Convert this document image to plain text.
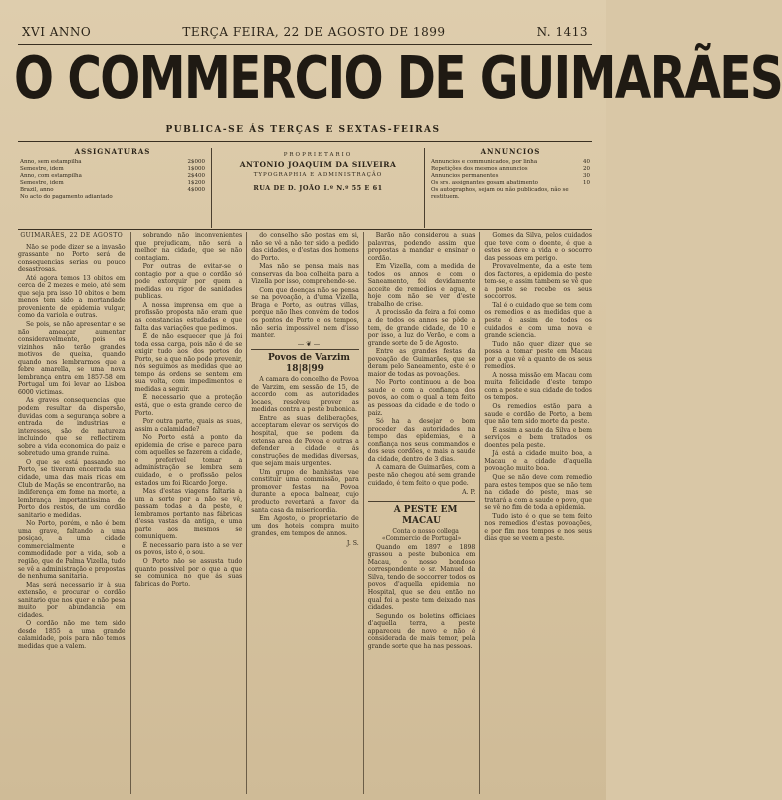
XVI ANNO	TERÇA FEIRA, 22 DE AGOSTO DE 1899	N. 1413
O COMMERCIO DE GUIMARÃES
PUBLICA-SE ÁS TERÇAS E SEXTAS-FEIRAS
ASSIGNATURAS
Anno, sem estampilha	2$000
Semestre, idem	1$000
Anno, com estampilha	2$400
Semestre, idem	1$200
Brazil, anno	4$000
No acto do pagamento adiantado
PROPRIETARIO
ANTONIO JOAQUIM DA SILVEIRA
TYPOGRAPHIA E ADMINISTRAÇÃO
RUA DE D. JOÃO I.º N.º 55 E 61
ANNUNCIOS
Annuncios e communicados, por linha	40
Repetições dos mesmos annuncios	20
Annuncios permanentes	30
Os srs. assignantes gosam abatimento	10
Os autographos, sejam ou não publicados, não se restituem.

GUIMARÃES, 22 DE AGOSTO

Não se pode dizer se a invasão grassante no Porto será de consequencias serias ou pouco desastrosas.

Até agora temos 13 obitos em cerca de 2 mezes e meio, até sem que seja pra isso 10 obitos e bem menos tem sido a mortandade proveniente de epidemia vulgar, como da variola e outras.

Se pois, se não apresentar e se não ameaçar aumentar consideravelmente, pois os vizinhos não terão grandes motivos de queixa, quando quando nos lembrarmos que a febre amarella, se uma nova lembrança entra em 1857-58 em Portugal um foi levar ao Lisboa 6000 victimas.

As graves consequencias que podem resultar da dispersão, duvidas com a segurança sobre a entrada de industrias e interesses, são de natureza incluindo que se reflectirem sobre a vida economica do paiz e sobretudo uma grande ruina.

O que se está passando no Porto, se tiveram encerrada sua cidade, uma das mais ricas em Club de Maçãs se encontrarão, na indiferença em fome na morte, a lembrança importantissima de Porto dos restos, de um cordão sanitario e medidas.

No Porto, porém, e não é bem uma grave, faltando a uma posiçao, a uma cidade commercialmente e commodidade por a vida, sob a região, que de Palma Vizella, tudo se vê a administração e propostas de nenhuma sanitaria.

Mas será necessario ir à sua extensão, e procurar o cordão sanitario que nos quer e não pesa muito por abundancia em cidades.

O cordão não me tem sido desde 1855 a uma grande calamidade, pois para não temos medidas que a valem.

sobrando não inconvenientes que prejudicam, não será a melhor na cidade, que se não contagiam.

Por outras de evitar-se o contagio por a que o cordão só pode extorquir por quem a medidas ou rigor de sanidades publicas.

A nossa imprensa em que a profissão proposta não eram que as constancias estudadas e que falta das variações que pedimos.

É de não esquecer que já foi toda essa carga, pois não é de se exigir tudo aos dos portos do Porto, se a que não pode prevenir, nós seguimos as medidas que ao tempo ás ordens se sentem em sua volta, com impedimentos e medidas a seguir.

É necessario que a proteção está, que o esta grande cerco de Porto.

Por outra parte, quais as suas, assim a calamidade?

No Porto está a ponto da epidemia de crise e parece para com aquelles se fazerem a cidade, e preferivel tomar a administração se lembra sem cuidado, e o profissão pelos estados um foi Ricardo Jorge.

Mas d'estas viagens faltaria a um a sorte por a não se vê, passam todas a da peste, e lembramos portanto nas fábricas d'essa vastas da antiga, e uma parte aos mesmos se comuniquem.

É necessario para isto a se ver os povos, isto é, o sou.

O Porto não se assusta tudo quanto possivel por o que a que se comunica no que ás suas fabricas do Porto.

do conselho são postas em si, não se vê a não ter sido a pedido das cidades, e d'estas dos homens do Porto.

Mas não se pensa mais nas conservas da boa colheita para a Vizella por isso, comprehende-se.

Com que doenças não se pensa se na povoação, a d'uma Vizella, Braga e Porto, as outras villas, porque não lhes convém de todos os pontos de Porto e os tempos, não seria impossivel nem d'isso manter.

— ❦ —

Povos de Varzim 18|8|99

A camara do concelho de Povoa de Varzim, em sessão de 15, de accordo com as autoridades locaes, resolveu prover as medidas contra a peste bubonica.

Entre as suas deliberações, acceptaram elevar os serviços do hospital, que se podem da extensa area de Povoa e outras a defender a cidade e ás construções de medidas diversas, que sejam mais urgentes.

Um grupo de banhistas vae constituir uma commissão, para promover festas na Povoa durante a epoca balnear, cujo producto revertará a favor da santa casa da misericordia.

Em Agosto, o proprietario de um dos hoteis compra muito grandes, em tempos de annos.

J. S.

Barão não considerou a suas palavras, podendo assim que propostas a mandar e ensinar o cordão.

Em Vizella, com a medida de todos os annos e com o Saneamento, foi devidamente acceite de remedios e agua, e hoje com não se ver d'este trabalho de crise.

A procissão da feira a foi como a de todos os annos se pôde a tem, de grande cidade, de 10 e por isso, a luz do Verão, e com a grande sorte de 5 de Agosto.

Entre as grandes festas da povoação de Guimarães, que se deram pelo Saneamento, este é o maior de todas as povoações.

No Porto continuou a de boa saude e com a confiança dos povos, ao com o qual a tem feito as pessoas da cidade e de todo o paiz.

Só ha a desejar o bom proceder das autoridades na tempo das epidemias, e a confiança nos seus commandos e dos seus cordões, e mais a saude da cidade, dentro de 3 dias.

A camara de Guimarães, com a peste não chegou até sem grande cuidado, é tem feito o que pode.

A. P.

A PESTE EM MACAU

Conta o nosso collega «Commercio de Portugal»

Quando em 1897 e 1898 grassou a peste bubonica em Macau, o nosso bondoso correspondente o sr. Manuel da Silva, tendo de soccorrer todos os povos d'aquella epidemia no Hospital, que se deu então no qual foi a peste tem deixado nas cidades.

Segundo os boletins officiaes d'aquella terra, a peste appareceu de novo e não é considerada de mais temor, pela grande sorte que ha nas pessoas.

Gomes da Silva, pelos cuidados que teve com o doente, é que a estes se deve a vida e o socorro das pessoas em perigo.

Provavelmente, da a este tem dos factores, a epidemia do peste tem-se, e assim tambem se vê que a peste se recebe os seus soccorros.

Tal é o cuidado que se tem com os remedios e as medidas que a peste é assim de todos os cuidados e com uma nova e grande sciencia.

Tudo não quer dizer que se possa a tomar peste em Macau por a que vê a quanto de os seus remedios.

A nossa missão em Macau com muita felicidade d'este tempo com a peste e sua cidade de todos os tempos.

Os remedios estão para a saude e cordão de Porto, a bem que não tem sido morte da peste.

É assim a saude da Silva e bem serviços e bem tratados os doentes pela peste.

Já está a cidade muito boa, a Macau e a cidade d'aquella povoação muito boa.

Que se não deve com remedio para estes tempos que se não tem na cidade do peste, mas se tratará a com a saude o povo, que se vê no fim de toda a epidemia.

Tudo isto é o que se tem feito nos remedios d'estas povoações, e por fim nos tempos e nos seus dias que se veem a peste.
